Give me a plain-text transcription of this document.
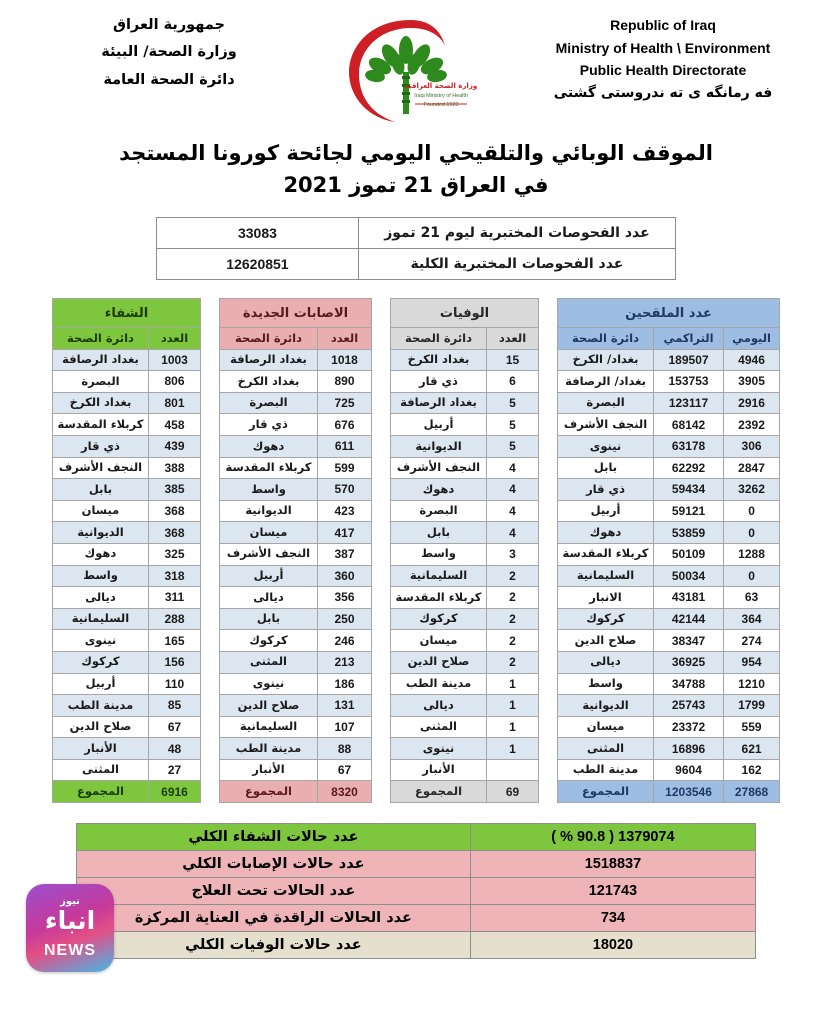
جمهورية العراق
وزارة الصحة/ البيئة
دائرة الصحة العامة	وزارة الصحة العراقية
Iraqi Ministry of Health
Founded 1920
Republic of Iraq
Ministry of Health \ Environment
Public Health Directorate
فه رمانگه ى ته ندروستى گشتى
الموقف الوبائي والتلقيحي اليومي لجائحة كورونا المستجد
في العراق 21 تموز 2021
عدد الفحوصات المختبرية ليوم 21 تموز	33083
عدد الفحوصات المختبرية الكلية	12620851
عدد الملقحين		
اليومي	التراكمي	دائرة الصحة
4946	189507	بغداد/ الكرخ
3905	153753	بغداد/ الرصافة
2916	123117	البصرة
2392	68142	النجف الأشرف
306	63178	نينوى
2847	62292	بابل
3262	59434	ذي قار
0	59121	أربيل
0	53859	دهوك
1288	50109	كربلاء المقدسة
0	50034	السليمانية
63	43181	الانبار
364	42144	كركوك
274	38347	صلاح الدين
954	36925	ديالى
1210	34788	واسط
1799	25743	الديوانية
559	23372	ميسان
621	16896	المثنى
162	9604	مدينة الطب
27868	1203546	المجموع
الوفيات	
العدد	دائرة الصحة
15	بغداد الكرخ
6	ذي قار
5	بغداد الرصافة
5	أربيل
5	الديوانية
4	النجف الأشرف
4	دهوك
4	البصرة
4	بابل
3	واسط
2	السليمانية
2	كربلاء المقدسة
2	كركوك
2	ميسان
2	صلاح الدين
1	مدينة الطب
1	ديالى
1	المثنى
1	نينوى
	الأنبار
69	المجموع
الاصابات الجديدة	
العدد	دائرة الصحة
1018	بغداد الرصافة
890	بغداد الكرخ
725	البصرة
676	ذي قار
611	دهوك
599	كربلاء المقدسة
570	واسط
423	الديوانية
417	ميسان
387	النجف الأشرف
360	أربيل
356	ديالى
250	بابل
246	كركوك
213	المثنى
186	نينوى
131	صلاح الدين
107	السليمانية
88	مدينة الطب
67	الأنبار
8320	المجموع
الشفاء	
العدد	دائرة الصحة
1003	بغداد الرصافة
806	البصرة
801	بغداد الكرخ
458	كربلاء المقدسة
439	ذي قار
388	النجف الأشرف
385	بابل
368	ميسان
368	الديوانية
325	دهوك
318	واسط
311	ديالى
288	السليمانية
165	نينوى
156	كركوك
110	أربيل
85	مدينة الطب
67	صلاح الدين
48	الأنبار
27	المثنى
6916	المجموع
1379074 ( 90.8 % )	عدد حالات الشفاء الكلي
1518837	عدد حالات الإصابات الكلي
121743	عدد الحالات تحت العلاج
734	عدد الحالات الراقدة في العناية المركزة
18020	عدد حالات الوفيات الكلي
نيوز
انباء
NEWS
